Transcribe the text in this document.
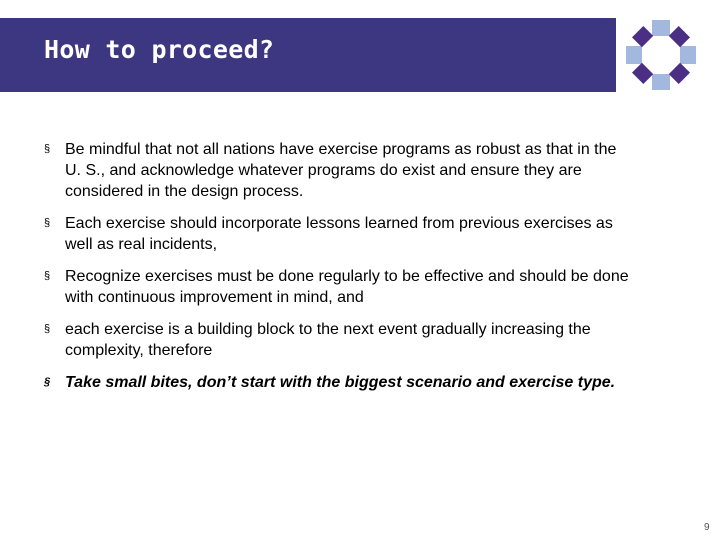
How to proceed?
§ Be mindful that not all nations have exercise programs as robust as that in the U. S., and acknowledge whatever programs do exist and ensure they are considered in the design process.
§ Each exercise should incorporate lessons learned from previous exercises as well as real incidents,
§ Recognize exercises must be done regularly to be effective and should be done with continuous improvement in mind, and
§ each exercise is a building block to the next event gradually increasing the complexity, therefore
§ Take small bites, don’t start with the biggest scenario and exercise type.
9
